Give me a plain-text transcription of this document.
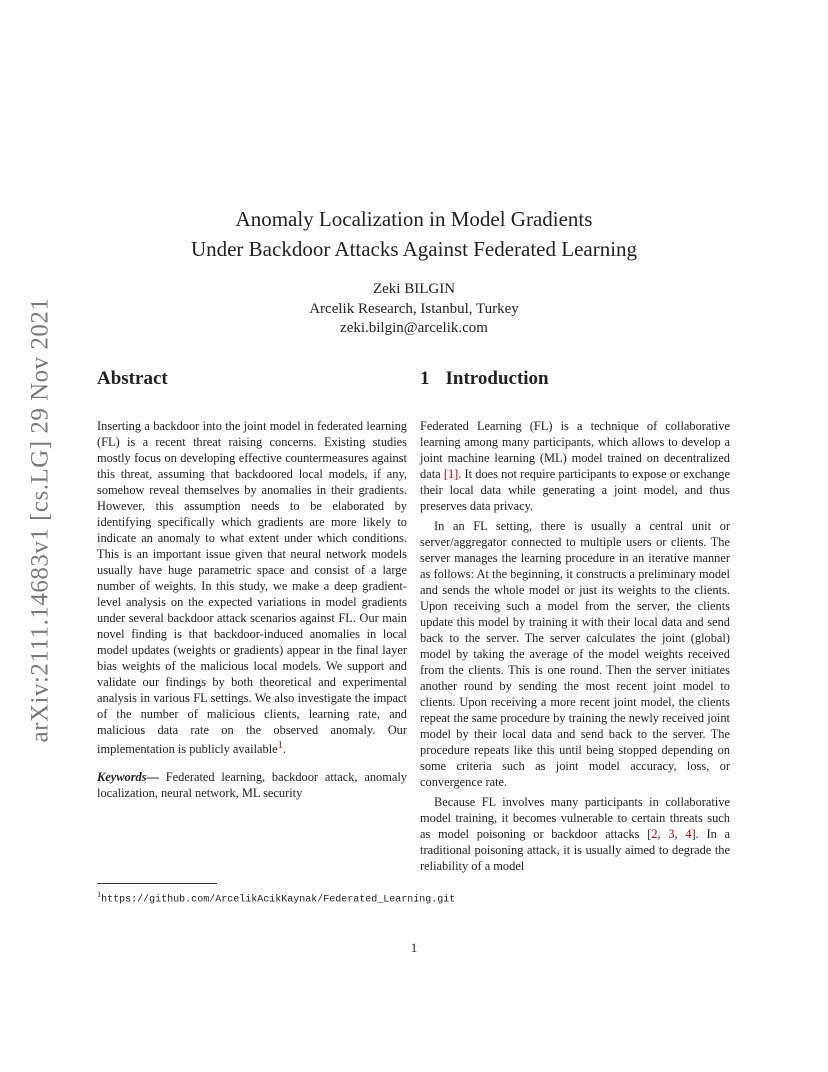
arXiv:2111.14683v1 [cs.LG] 29 Nov 2021
Anomaly Localization in Model Gradients
Under Backdoor Attacks Against Federated Learning
Zeki BILGIN
Arcelik Research, Istanbul, Turkey
zeki.bilgin@arcelik.com
Abstract

Inserting a backdoor into the joint model in federated learning (FL) is a recent threat raising concerns. Existing studies mostly focus on developing effective countermeasures against this threat, assuming that backdoored local models, if any, somehow reveal themselves by anomalies in their gradients. However, this assumption needs to be elaborated by identifying specifically which gradients are more likely to indicate an anomaly to what extent under which conditions. This is an important issue given that neural network models usually have huge parametric space and consist of a large number of weights. In this study, we make a deep gradient-level analysis on the expected variations in model gradients under several backdoor attack scenarios against FL. Our main novel finding is that backdoor-induced anomalies in local model updates (weights or gradients) appear in the final layer bias weights of the malicious local models. We support and validate our findings by both theoretical and experimental analysis in various FL settings. We also investigate the impact of the number of malicious clients, learning rate, and malicious data rate on the observed anomaly. Our implementation is publicly available$^1$.

Keywords— Federated learning, backdoor attack, anomaly localization, neural network, ML security

1 Introduction

Federated Learning (FL) is a technique of collaborative learning among many participants, which allows to develop a joint machine learning (ML) model trained on decentralized data [1]. It does not require participants to expose or exchange their local data while generating a joint model, and thus preserves data privacy.

In an FL setting, there is usually a central unit or server/aggregator connected to multiple users or clients. The server manages the learning procedure in an iterative manner as follows: At the beginning, it constructs a preliminary model and sends the whole model or just its weights to the clients. Upon receiving such a model from the server, the clients update this model by training it with their local data and send back to the server. The server calculates the joint (global) model by taking the average of the model weights received from the clients. This is one round. Then the server initiates another round by sending the most recent joint model to clients. Upon receiving a more recent joint model, the clients repeat the same procedure by training the newly received joint model by their local data and send back to the server. The procedure repeats like this until being stopped depending on some criteria such as joint model accuracy, loss, or convergence rate.

Because FL involves many participants in collaborative model training, it becomes vulnerable to certain threats such as model poisoning or backdoor attacks [2, 3, 4]. In a traditional poisoning attack, it is usually aimed to degrade the reliability of a model

$^1$https://github.com/ArcelikAcikKaynak/Federated_Learning.git
1
